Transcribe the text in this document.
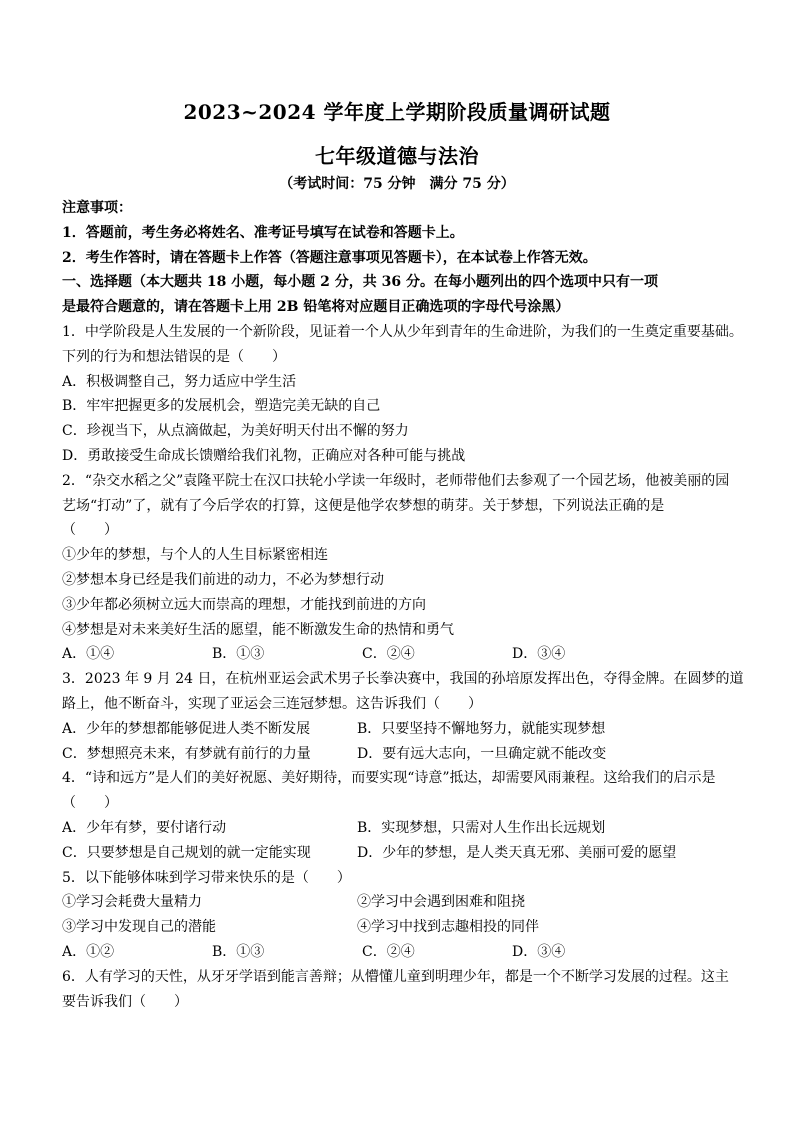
2023~2024 学年度上学期阶段质量调研试题
七年级道德与法治
（考试时间：75 分钟　满分 75 分）
注意事项：
1．答题前，考生务必将姓名、准考证号填写在试卷和答题卡上。
2．考生作答时，请在答题卡上作答（答题注意事项见答题卡），在本试卷上作答无效。
一、选择题（本大题共 18 小题，每小题 2 分，共 36 分。在每小题列出的四个选项中只有一项
是最符合题意的，请在答题卡上用 2B 铅笔将对应题目正确选项的字母代号涂黑）
1．中学阶段是人生发展的一个新阶段，见证着一个人从少年到青年的生命进阶，为我们的一生奠定重要基础。
下列的行为和想法错误的是（　　）
A．积极调整自己，努力适应中学生活
B．牢牢把握更多的发展机会，塑造完美无缺的自己
C．珍视当下，从点滴做起，为美好明天付出不懈的努力
D．勇敢接受生命成长馈赠给我们礼物，正确应对各种可能与挑战
2．“杂交水稻之父”袁隆平院士在汉口扶轮小学读一年级时，老师带他们去参观了一个园艺场，他被美丽的园
艺场“打动”了，就有了今后学农的打算，这便是他学农梦想的萌芽。关于梦想，下列说法正确的是
（　　）
①少年的梦想，与个人的人生目标紧密相连
②梦想本身已经是我们前进的动力，不必为梦想行动
③少年都必须树立远大而崇高的理想，才能找到前进的方向
④梦想是对未来美好生活的愿望，能不断激发生命的热情和勇气
A．①④	B．①③	C．②④	D．③④
3．2023 年 9 月 24 日，在杭州亚运会武术男子长拳决赛中，我国的孙培原发挥出色，夺得金牌。在圆梦的道
路上，他不断奋斗，实现了亚运会三连冠梦想。这告诉我们（　　）
A．少年的梦想都能够促进人类不断发展	B．只要坚持不懈地努力，就能实现梦想
C．梦想照亮未来，有梦就有前行的力量	D．要有远大志向，一旦确定就不能改变
4．“诗和远方”是人们的美好祝愿、美好期待，而要实现“诗意”抵达，却需要风雨兼程。这给我们的启示是
（　　）
A．少年有梦，要付诸行动	B．实现梦想，只需对人生作出长远规划
C．只要梦想是自己规划的就一定能实现	D．少年的梦想，是人类天真无邪、美丽可爱的愿望
5．以下能够体味到学习带来快乐的是（　　）
①学习会耗费大量精力	②学习中会遇到困难和阻挠
③学习中发现自己的潜能	④学习中找到志趣相投的同伴
A．①②	B．①③	C．②④	D．③④
6．人有学习的天性，从牙牙学语到能言善辩；从懵懂儿童到明理少年，都是一个不断学习发展的过程。这主
要告诉我们（　　）
